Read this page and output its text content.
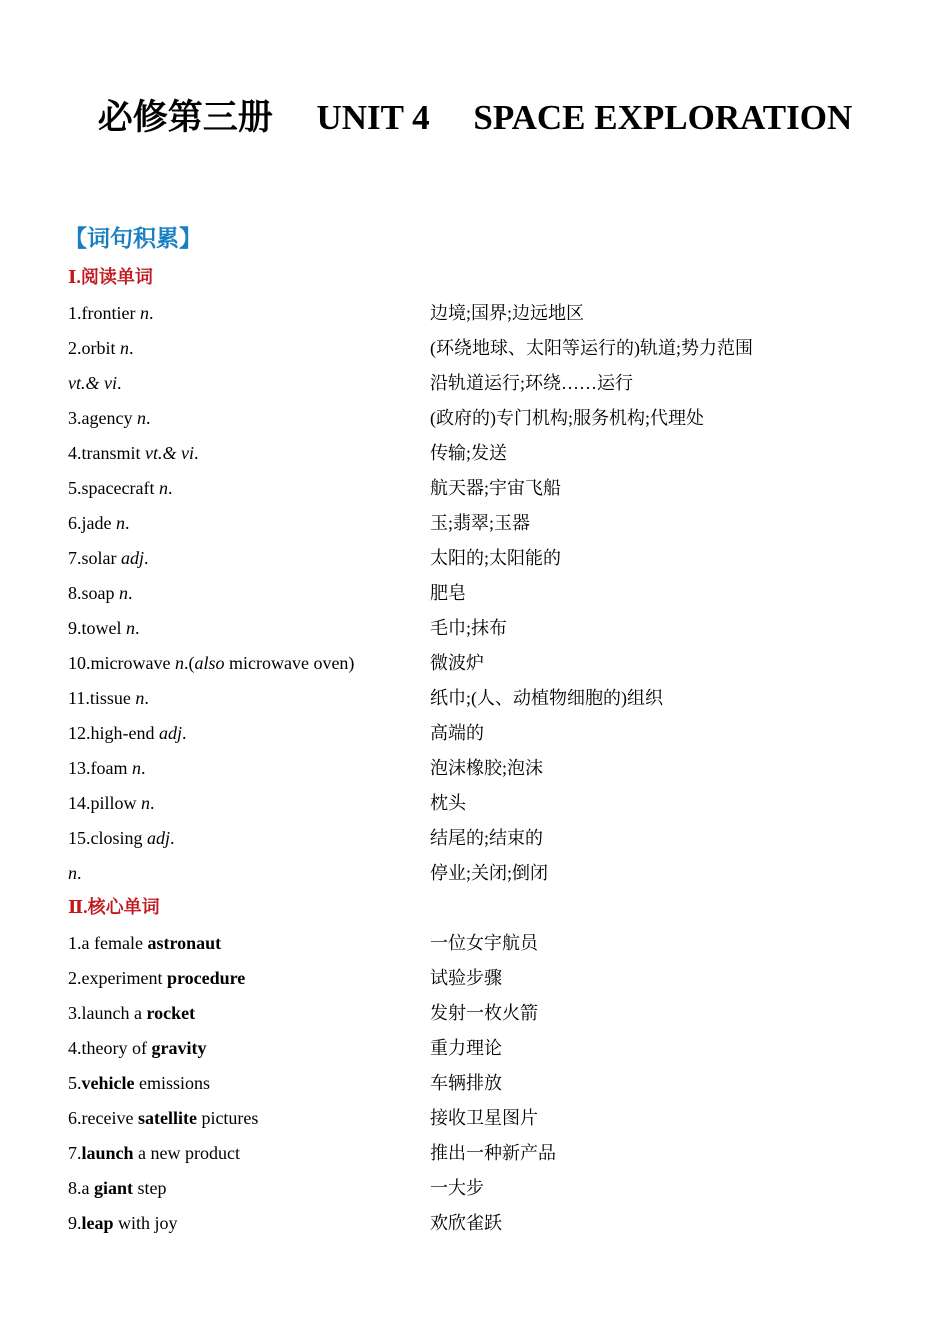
必修第三册　 UNIT 4　 SPACE EXPLORATION
【词句积累】
Ⅰ.阅读单词
1.frontier n.	边境;国界;边远地区
2.orbit n.	(环绕地球、太阳等运行的)轨道;势力范围
vt.& vi.	沿轨道运行;环绕……运行
3.agency n.	(政府的)专门机构;服务机构;代理处
4.transmit vt.& vi.	传输;发送
5.spacecraft n.	航天器;宇宙飞船
6.jade n.	玉;翡翠;玉器
7.solar adj.	太阳的;太阳能的
8.soap n.	肥皂
9.towel n.	毛巾;抹布
10.microwave n.(also microwave oven)	微波炉
11.tissue n.	纸巾;(人、动植物细胞的)组织
12.high-end adj.	高端的
13.foam n.	泡沫橡胶;泡沫
14.pillow n.	枕头
15.closing adj.	结尾的;结束的
n.	停业;关闭;倒闭
Ⅱ.核心单词
1.a female astronaut	一位女宇航员
2.experiment procedure	试验步骤
3.launch a rocket	发射一枚火箭
4.theory of gravity	重力理论
5.vehicle emissions	车辆排放
6.receive satellite pictures	接收卫星图片
7.launch a new product	推出一种新产品
8.a giant step	一大步
9.leap with joy	欢欣雀跃
